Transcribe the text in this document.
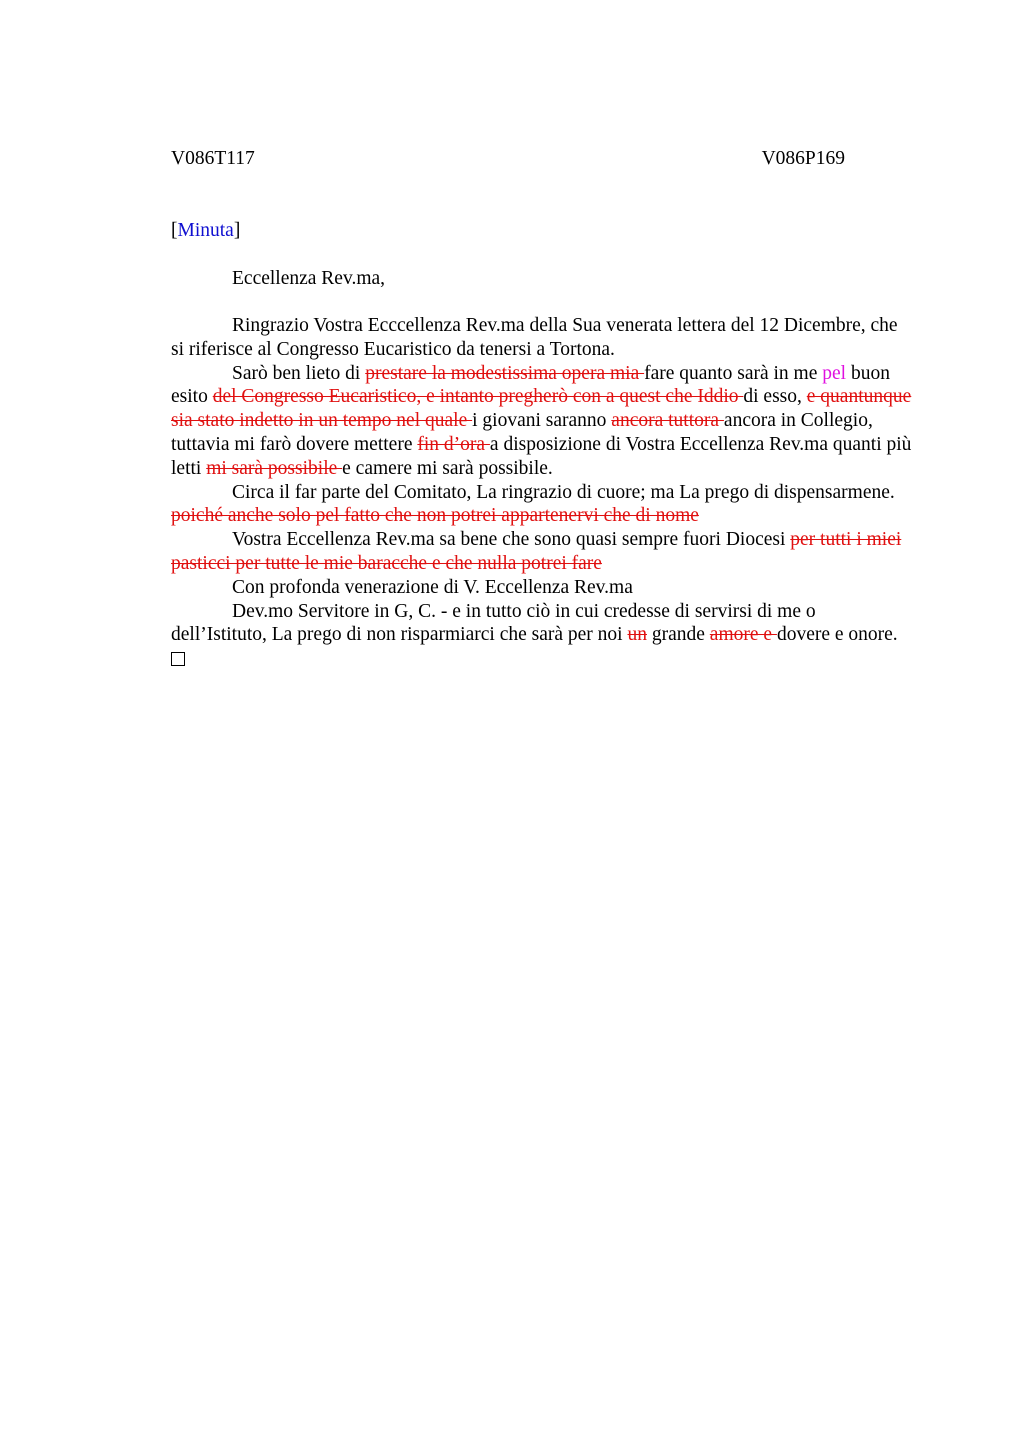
V086T117	V086P169
[Minuta]
Eccellenza Rev.ma,

Ringrazio Vostra Ecccellenza Rev.ma della Sua venerata lettera del 12 Dicembre, che si riferisce al Congresso Eucaristico da tenersi a Tortona.

Sarò ben lieto di prestare la modestissima opera mia fare quanto sarà in me pel buon esito del Congresso Eucaristico, e intanto pregherò con a quest che Iddio di esso, e quantunque sia stato indetto in un tempo nel quale i giovani saranno ancora tuttora ancora in Collegio, tuttavia mi farò dovere mettere fin d’ora a disposizione di Vostra Eccellenza Rev.ma quanti più letti mi sarà possibile e camere mi sarà possibile.

Circa il far parte del Comitato, La ringrazio di cuore; ma La prego di dispensarmene. poiché anche solo pel fatto che non potrei appartenervi che di nome

Vostra Eccellenza Rev.ma sa bene che sono quasi sempre fuori Diocesi per tutti i miei pasticci per tutte le mie baracche e che nulla potrei fare

Con profonda venerazione di V. Eccellenza Rev.ma

Dev.mo Servitore in G, C. - e in tutto ciò in cui credesse di servirsi di me o dell’Istituto, La prego di non risparmiarci che sarà per noi un grande amore e dovere e onore.
